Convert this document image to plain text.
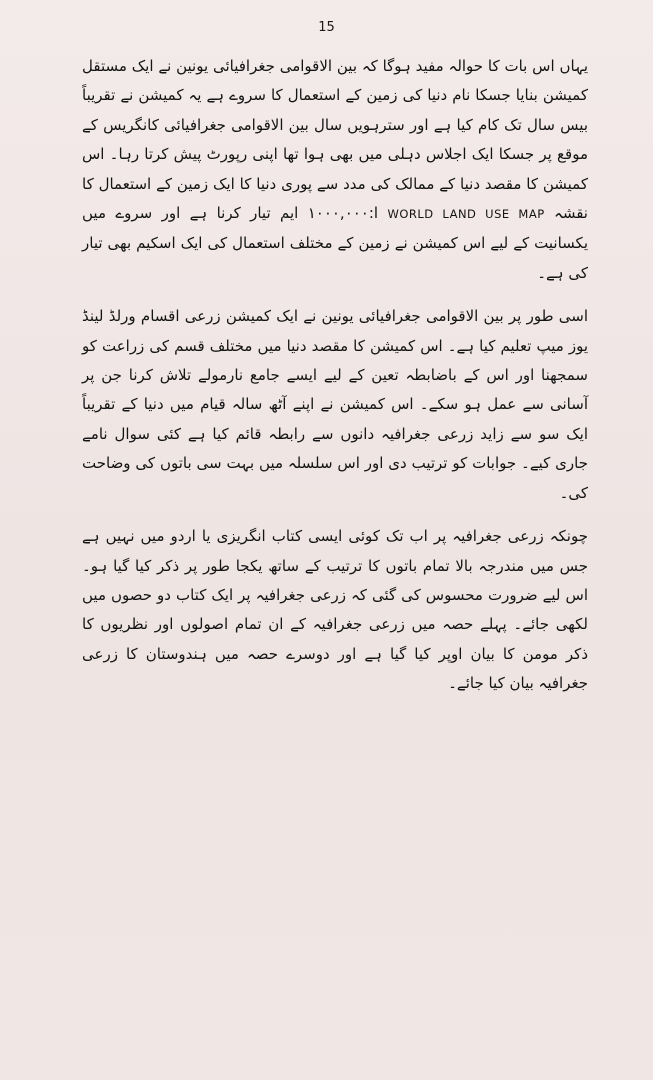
15

یہاں اس بات کا حوالہ مفید ہوگا کہ بین الاقوامی جغرافیائی یونین نے ایک مستقل کمیشن بنایا جسکا نام دنیا کی زمین کے استعمال کا سروے ہے یہ کمیشن نے تقریباً بیس سال تک کام کیا ہے اور سترہویں سال بین الاقوامی جغرافیائی کانگریس کے موقع پر جسکا ایک اجلاس دہلی میں بھی ہوا تھا اپنی رپورٹ پیش کرتا رہا۔ اس کمیشن کا مقصد دنیا کے ممالک کی مدد سے پوری دنیا کا ایک زمین کے استعمال کا نقشہ WORLD LAND USE MAP ا:۱۰۰۰,۰۰۰ ایم تیار کرنا ہے اور سروے میں یکسانیت کے لیے اس کمیشن نے زمین کے مختلف استعمال کی ایک اسکیم بھی تیار کی ہے۔

اسی طور پر بین الاقوامی جغرافیائی یونین نے ایک کمیشن زرعی اقسام ورلڈ لینڈ یوز میپ تعلیم کیا ہے۔ اس کمیشن کا مقصد دنیا میں مختلف قسم کی زراعت کو سمجھنا اور اس کے باضابطہ تعین کے لیے ایسے جامع نارمولے تلاش کرنا جن پر آسانی سے عمل ہو سکے۔ اس کمیشن نے اپنے آٹھ سالہ قیام میں دنیا کے تقریباً ایک سو سے زاید زرعی جغرافیہ دانوں سے رابطہ قائم کیا ہے کئی سوال نامے جاری کیے۔ جوابات کو ترتیب دی اور اس سلسلہ میں بہت سی باتوں کی وضاحت کی۔

چونکہ زرعی جغرافیہ پر اب تک کوئی ایسی کتاب انگریزی یا اردو میں نہیں ہے جس میں مندرجہ بالا تمام باتوں کا ترتیب کے ساتھ یکجا طور پر ذکر کیا گیا ہو۔ اس لیے ضرورت محسوس کی گئی کہ زرعی جغرافیہ پر ایک کتاب دو حصوں میں لکھی جائے۔ پہلے حصہ میں زرعی جغرافیہ کے ان تمام اصولوں اور نظریوں کا ذکر مومن کا بیان اوپر کیا گیا ہے اور دوسرے حصہ میں ہندوستان کا زرعی جغرافیہ بیان کیا جائے۔
